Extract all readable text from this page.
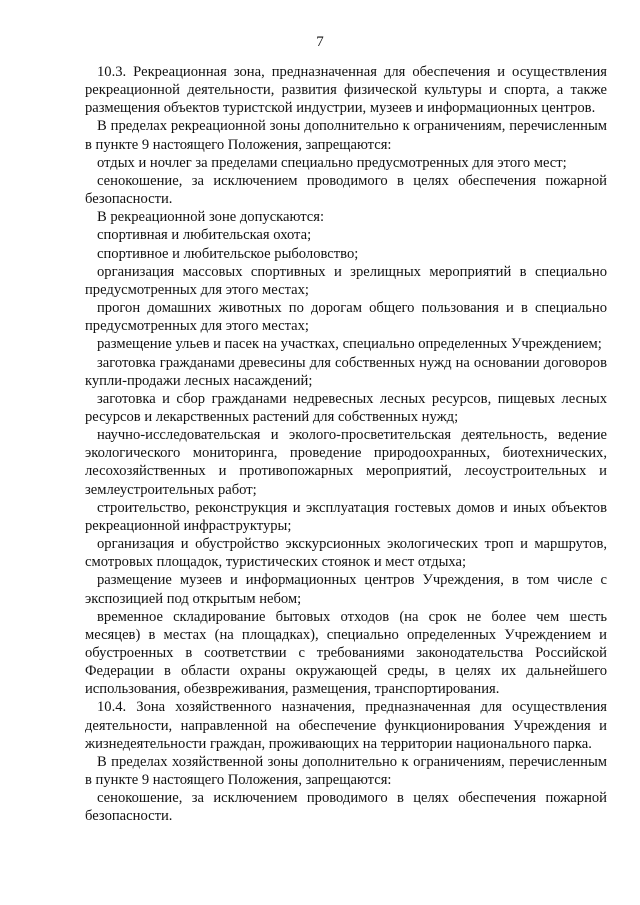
7

10.3. Рекреационная зона, предназначенная для обеспечения и осуществления рекреационной деятельности, развития физической культуры и спорта, а также размещения объектов туристской индустрии, музеев и информационных центров.

В пределах рекреационной зоны дополнительно к ограничениям, перечисленным в пункте 9 настоящего Положения, запрещаются:

отдых и ночлег за пределами специально предусмотренных для этого мест;

сенокошение, за исключением проводимого в целях обеспечения пожарной безопасности.

В рекреационной зоне допускаются:

спортивная и любительская охота;

спортивное и любительское рыболовство;

организация массовых спортивных и зрелищных мероприятий в специально предусмотренных для этого местах;

прогон домашних животных по дорогам общего пользования и в специально предусмотренных для этого местах;

размещение ульев и пасек на участках, специально определенных Учреждением;

заготовка гражданами древесины для собственных нужд на основании договоров купли-продажи лесных насаждений;

заготовка и сбор гражданами недревесных лесных ресурсов, пищевых лесных ресурсов и лекарственных растений для собственных нужд;

научно-исследовательская и эколого-просветительская деятельность, ведение экологического мониторинга, проведение природоохранных, биотехнических, лесохозяйственных и противопожарных мероприятий, лесоустроительных и землеустроительных работ;

строительство, реконструкция и эксплуатация гостевых домов и иных объектов рекреационной инфраструктуры;

организация и обустройство экскурсионных экологических троп и маршрутов, смотровых площадок, туристических стоянок и мест отдыха;

размещение музеев и информационных центров Учреждения, в том числе с экспозицией под открытым небом;

временное складирование бытовых отходов (на срок не более чем шесть месяцев) в местах (на площадках), специально определенных Учреждением и обустроенных в соответствии с требованиями законодательства Российской Федерации в области охраны окружающей среды, в целях их дальнейшего использования, обезвреживания, размещения, транспортирования.

10.4. Зона хозяйственного назначения, предназначенная для осуществления деятельности, направленной на обеспечение функционирования Учреждения и жизнедеятельности граждан, проживающих на территории национального парка.

В пределах хозяйственной зоны дополнительно к ограничениям, перечисленным в пункте 9 настоящего Положения, запрещаются:

сенокошение, за исключением проводимого в целях обеспечения пожарной безопасности.
